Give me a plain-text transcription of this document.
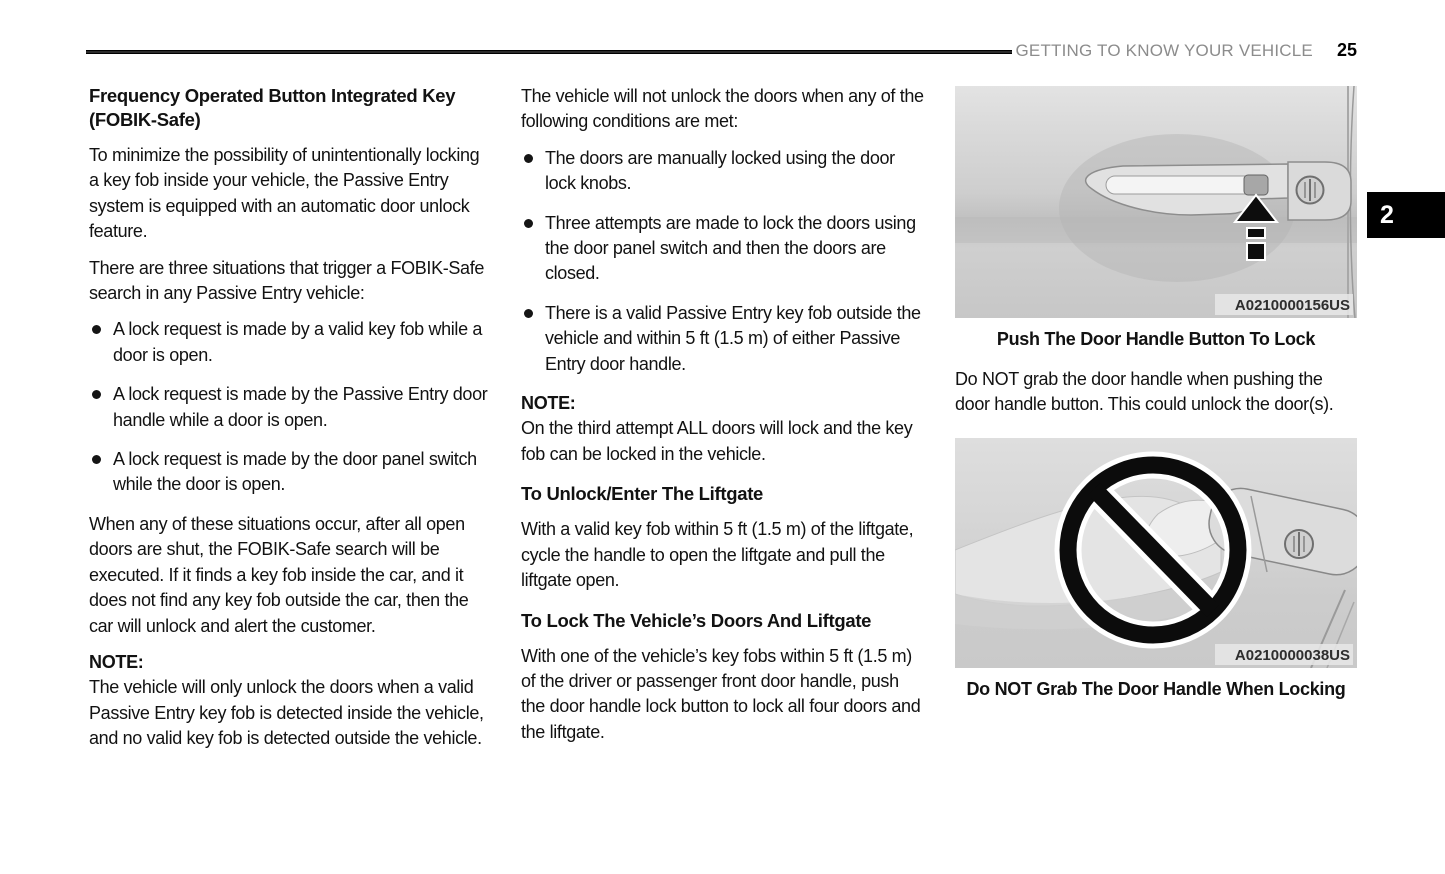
GETTING TO KNOW YOUR VEHICLE 25
2
Frequency Operated Button Integrated Key (FOBIK-Safe)

To minimize the possibility of unintentionally locking a key fob inside your vehicle, the Passive Entry system is equipped with an automatic door unlock feature.

There are three situations that trigger a FOBIK-Safe search in any Passive Entry vehicle:

A lock request is made by a valid key fob while a door is open.
A lock request is made by the Passive Entry door handle while a door is open.
A lock request is made by the door panel switch while the door is open.

When any of these situations occur, after all open doors are shut, the FOBIK-Safe search will be executed. If it finds a key fob inside the car, and it does not find any key fob outside the car, then the car will unlock and alert the customer.

NOTE:
The vehicle will only unlock the doors when a valid Passive Entry key fob is detected inside the vehicle, and no valid key fob is detected outside the vehicle.

The vehicle will not unlock the doors when any of the following conditions are met:

The doors are manually locked using the door lock knobs.
Three attempts are made to lock the doors using the door panel switch and then the doors are closed.
There is a valid Passive Entry key fob outside the vehicle and within 5 ft (1.5 m) of either Passive Entry door handle.
NOTE:
On the third attempt ALL doors will lock and the key fob can be locked in the vehicle.
To Unlock/Enter The Liftgate

With a valid key fob within 5 ft (1.5 m) of the liftgate, cycle the handle to open the liftgate and pull the liftgate open.

To Lock The Vehicle’s Doors And Liftgate

With one of the vehicle’s key fobs within 5 ft (1.5 m) of the driver or passenger front door handle, push the door handle lock button to lock all four doors and the liftgate.

A0210000156US
Push The Door Handle Button To Lock

Do NOT grab the door handle when pushing the door handle button. This could unlock the door(s).

A0210000038US
Do NOT Grab The Door Handle When Locking
